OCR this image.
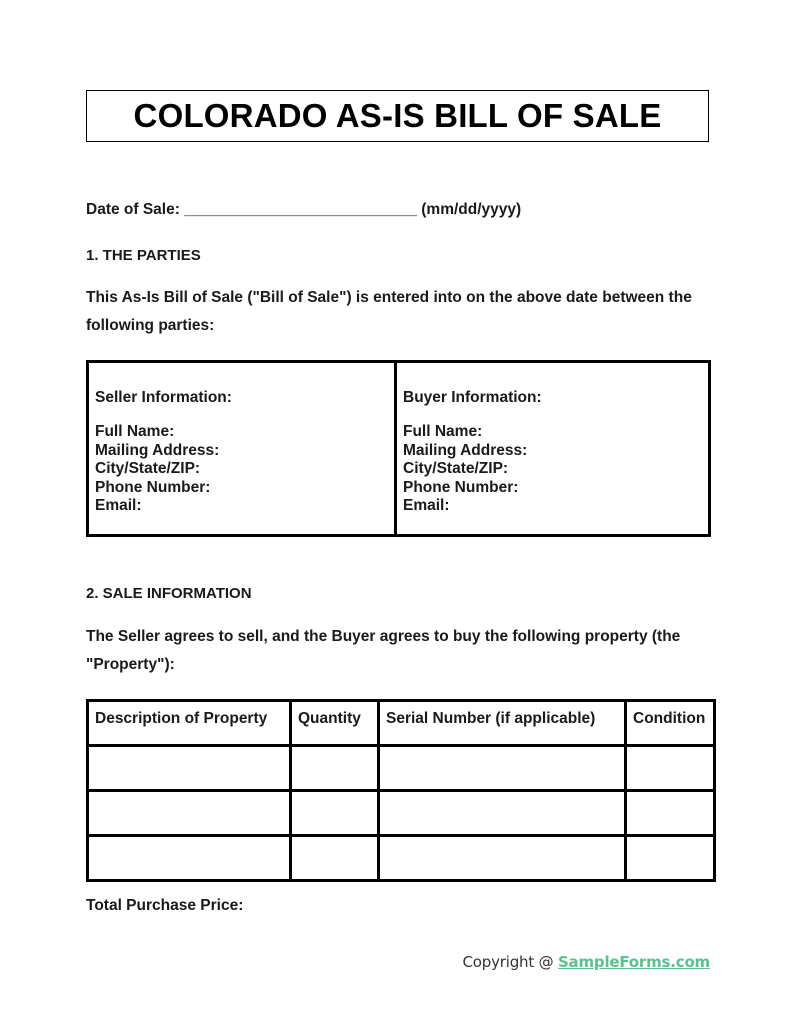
COLORADO AS-IS BILL OF SALE
Date of Sale: ___________________________ (mm/dd/yyyy)
1. THE PARTIES
This As-Is Bill of Sale ("Bill of Sale") is entered into on the above date between the following parties:
Seller Information:
Full Name:
Mailing Address:
City/State/ZIP:
Phone Number:
Email:
Buyer Information:
Full Name:
Mailing Address:
City/State/ZIP:
Phone Number:
Email:
2. SALE INFORMATION
The Seller agrees to sell, and the Buyer agrees to buy the following property (the "Property"):
Description of Property	Quantity	Serial Number (if applicable)	Condition

Total Purchase Price:
Copyright @ SampleForms.com
